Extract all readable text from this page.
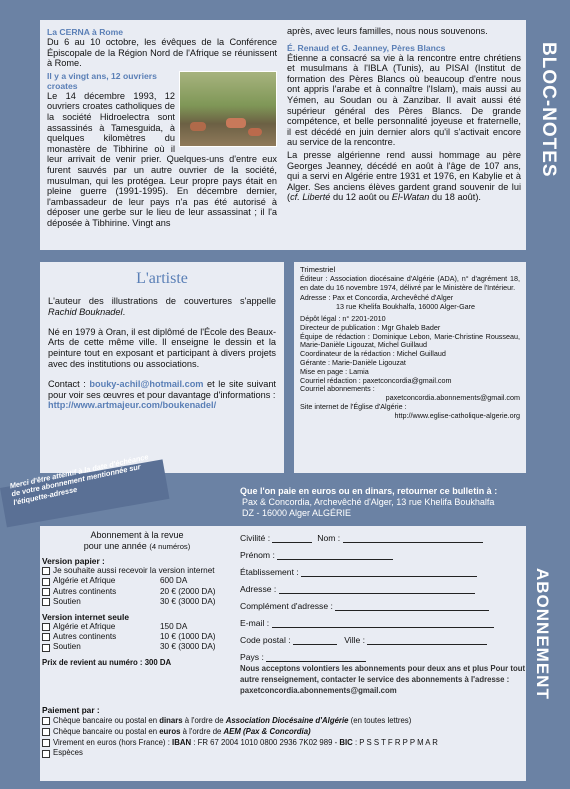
La CERNA à Rome

Du 6 au 10 octobre, les évêques de la Conférence Épiscopale de la Région Nord de l'Afrique se réunissent à Rome.

Il y a vingt ans, 12 ouvriers croates

Le 14 décembre 1993, 12 ouvriers croates catholiques de la société Hidroelectra sont assassinés à Tamesguida, à quelques kilomètres du monastère de Tibhirine où il leur arrivait de venir prier. Quelques-uns d'entre eux furent sauvés par un autre ouvrier de la société, musulman, qui les protégea. Leur propre pays était en pleine guerre (1991-1995). En décembre dernier, l'ambassadeur de leur pays n'a pas été autorisé à déposer une gerbe sur le lieu de leur assassinat ; il l'a déposée à Tibhirine. Vingt ans

après, avec leurs familles, nous nous souvenons.

É. Renaud et G. Jeanney, Pères Blancs

Étienne a consacré sa vie à la rencontre entre chrétiens et musulmans à l'IBLA (Tunis), au PISAI (Institut de formation des Pères Blancs où beaucoup d'entre nous ont appris l'arabe et à connaître l'Islam), mais aussi au Yémen, au Soudan ou à Zanzibar. Il avait aussi été supérieur général des Pères Blancs. De grande compétence, et belle personnalité joyeuse et fraternelle, il est décédé en juin dernier alors qu'il s'activait encore au service de la rencontre.

La presse algérienne rend aussi hommage au père Georges Jeanney, décédé en août à l'âge de 107 ans, qui a servi en Algérie entre 1931 et 1976, en Kabylie et à Alger. Ses anciens élèves gardent grand souvenir de lui (cf. Liberté du 12 août ou El-Watan du 18 août).

BLOC-NOTES
L'artiste

L'auteur des illustrations de couvertures s'appelle Rachid Bouknadel.

Né en 1979 à Oran, il est diplômé de l'École des Beaux-Arts de cette même ville. Il enseigne le dessin et la peinture tout en exposant et participant à divers projets avec des institutions ou associations.

Contact : bouky-achil@hotmail.com et le site suivant pour voir ses œuvres et pour davantage d'informations :
http://www.artmajeur.com/boukenadel/

Trimestriel
Éditeur : Association diocésaine d'Algérie (ADA), n° d'agrément 18, en date du 16 novembre 1974, délivré par le Ministère de l'Intérieur.
Adresse : Pax et Concordia, Archevêché d'Alger
13 rue Khelifa Boukhalfa, 16000 Alger-Gare
Dépôt légal : n° 2201-2010
Directeur de publication : Mgr Ghaleb Bader
Équipe de rédaction : Dominique Lebon, Marie-Christine Rousseau, Marie-Danièle Ligouzat, Michel Guillaud
Coordinateur de la rédaction : Michel Guillaud
Gérante : Marie-Danièle Ligouzat
Mise en page : Lamia
Courriel rédaction : paxetconcordia@gmail.com
Courriel abonnements :
paxetconcordia.abonnements@gmail.com
Site internet de l'Église d'Algérie :
http://www.eglise-catholique-algerie.org
Merci d'être attentif à la date d'échéance de votre abonnement mentionnée sur l'étiquette-adresse	Que l'on paie en euros ou en dinars, retourner ce bulletin à :
Pax & Concordia, Archevêché d'Alger, 13 rue Khelifa Boukhalfa
DZ - 16000 Alger ALGÉRIE
Abonnement à la revue
pour une année (4 numéros)
Version papier :
Je souhaite aussi recevoir la version internet
Algérie et Afrique	600 DA
Autres continents	20 € (2000 DA)
Soutien	30 € (3000 DA)
Version internet seule
Algérie et Afrique	150 DA
Autres continents	10 € (1000 DA)
Soutien	30 € (3000 DA)
Prix de revient au numéro : 300 DA
Civilité :	Nom :
Prénom :
Établissement :
Adresse :
Complément d'adresse :
E-mail :
Code postal :	Ville :
Pays :
Nous acceptons volontiers les abonnements pour deux ans et plus Pour tout autre renseignement, contacter le service des abonnements à l'adresse : paxetconcordia.abonnements@gmail.com	ABONNEMENT
Paiement par :
Chèque bancaire ou postal en dinars à l'ordre de Association Diocésaine d'Algérie (en toutes lettres)
Chèque bancaire ou postal en euros à l'ordre de AEM (Pax & Concordia)
Virement en euros (hors France) : IBAN : FR 67 2004 1010 0800 2936 7K02 989 - BIC : P S S T F R P P M A R
Espèces
